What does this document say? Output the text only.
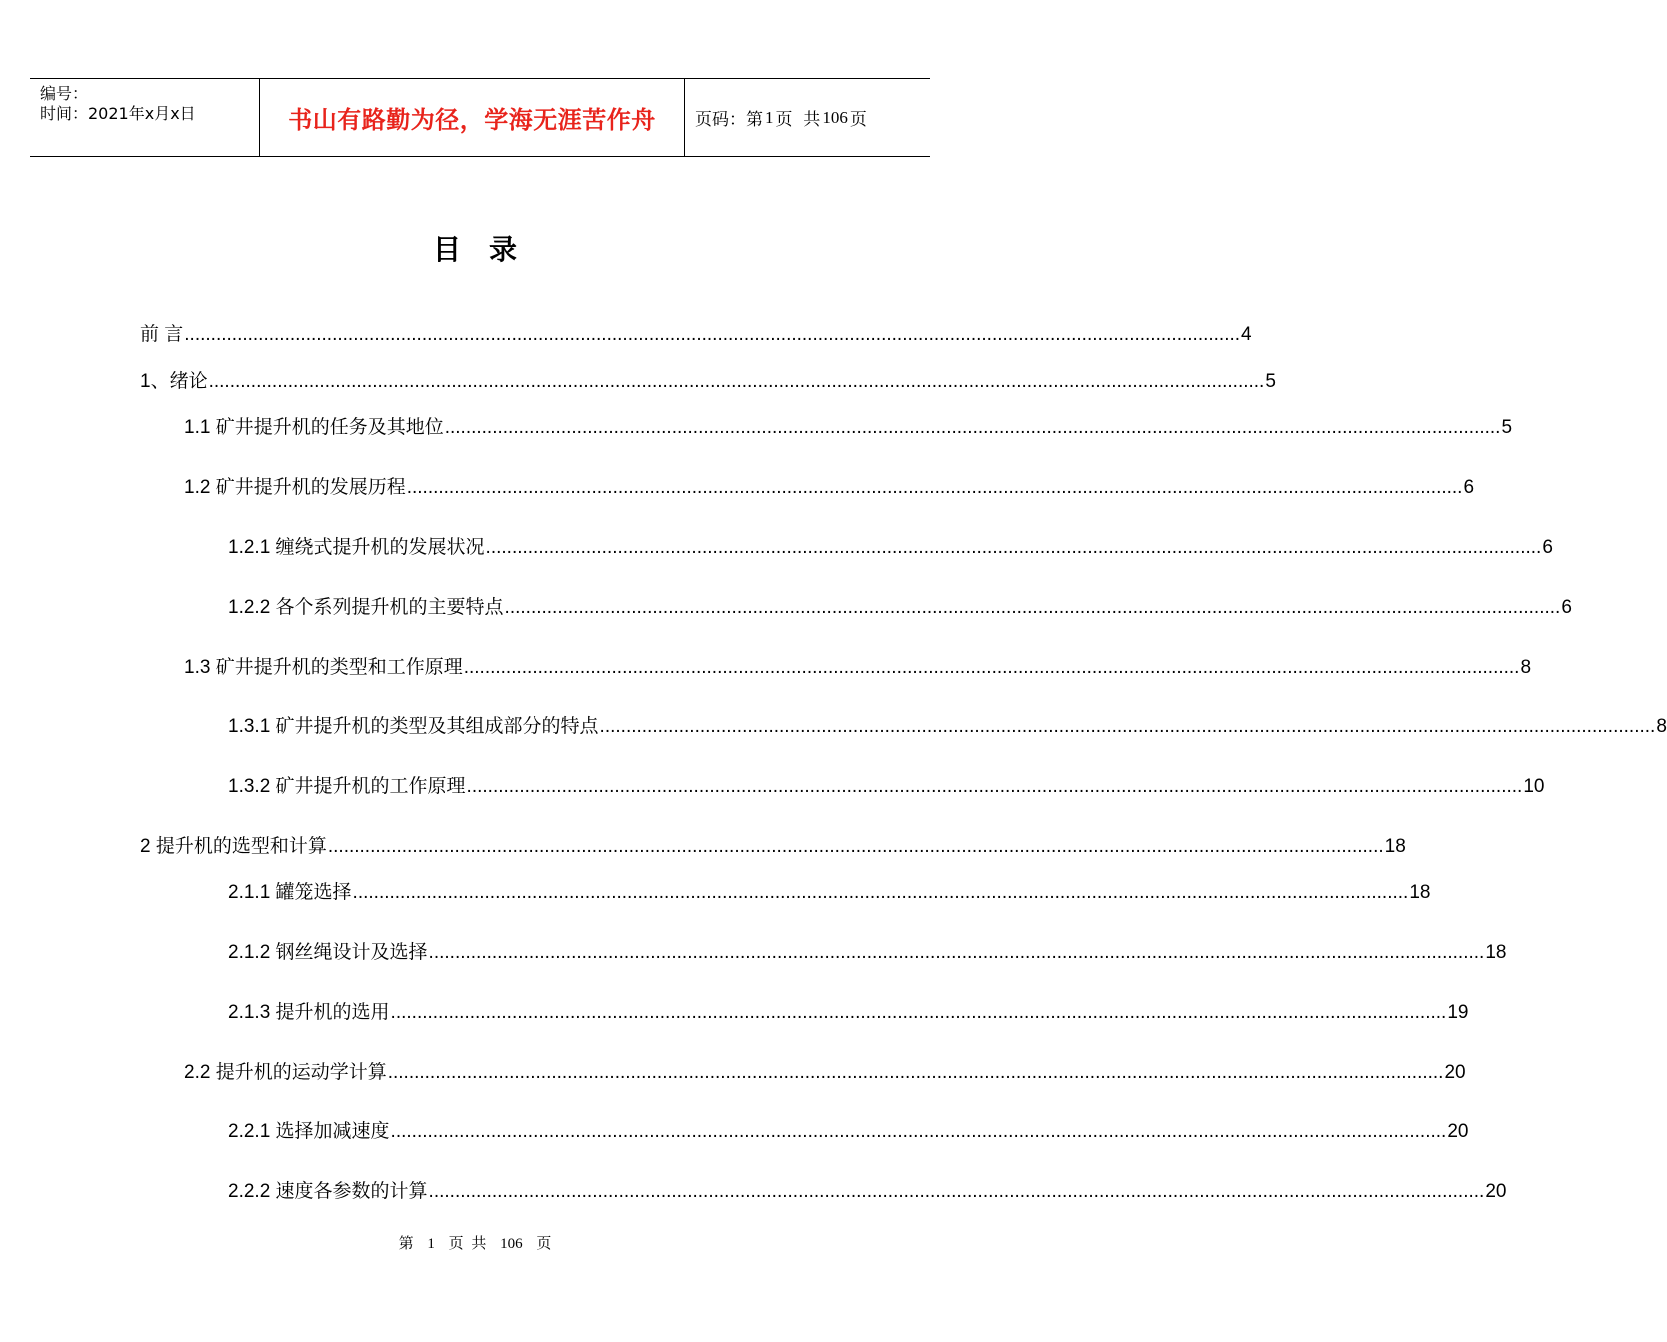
编号：
时间：2021年x月x日	书山有路勤为径，学海无涯苦作舟	页码：第 1 页  共 106 页
目录
前 言 ........................................................................................................................................................................................................ 4
1、绪论 ........................................................................................................................................................................................................ 5
1.1 矿井提升机的任务及其地位 ........................................................................................................................................................................................................ 5
1.2 矿井提升机的发展历程 ........................................................................................................................................................................................................ 6
1.2.1 缠绕式提升机的发展状况 ........................................................................................................................................................................................................ 6
1.2.2 各个系列提升机的主要特点 ........................................................................................................................................................................................................ 6
1.3 矿井提升机的类型和工作原理 ........................................................................................................................................................................................................ 8
1.3.1 矿井提升机的类型及其组成部分的特点 ........................................................................................................................................................................................................ 8
1.3.2 矿井提升机的工作原理 ........................................................................................................................................................................................................ 10
2 提升机的选型和计算 ........................................................................................................................................................................................................ 18
2.1.1 罐笼选择 ........................................................................................................................................................................................................ 18
2.1.2 钢丝绳设计及选择 ........................................................................................................................................................................................................ 18
2.1.3 提升机的选用 ........................................................................................................................................................................................................ 19
2.2 提升机的运动学计算 ........................................................................................................................................................................................................ 20
2.2.1 选择加减速度 ........................................................................................................................................................................................................ 20
2.2.2 速度各参数的计算 ........................................................................................................................................................................................................ 20
第 1 页 共 106 页
